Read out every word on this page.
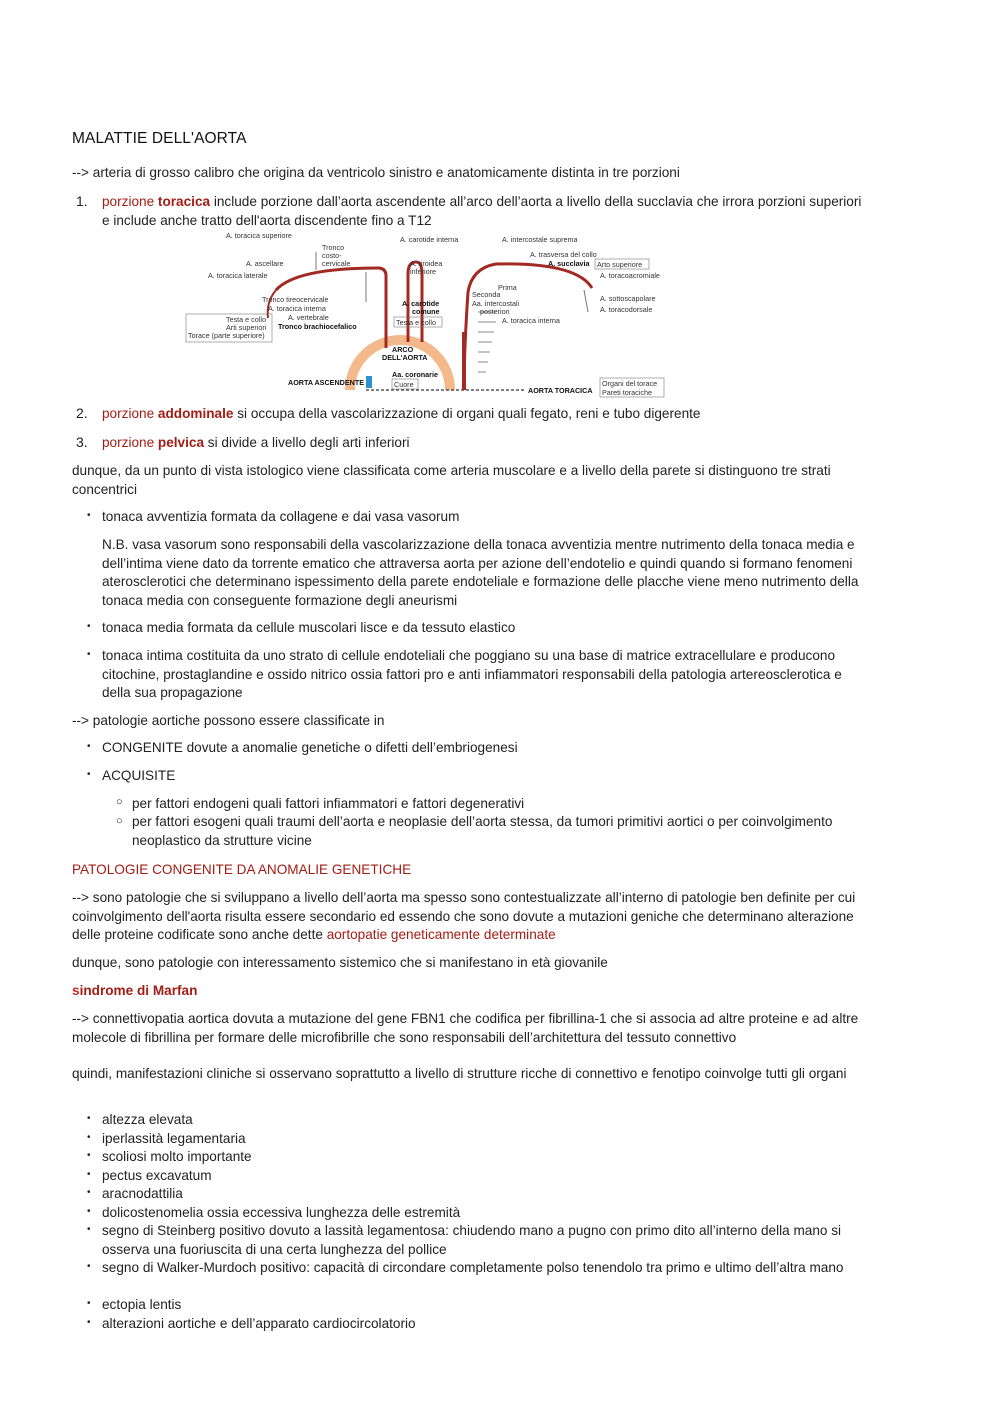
MALATTIE DELL'AORTA
--> arteria di grosso calibro che origina da ventricolo sinistro e anatomicamente distinta in tre porzioni
1. porzione toracica include porzione dall’aorta ascendente all’arco dell’aorta a livello della succlavia che irrora porzioni superiori e include anche tratto dell'aorta discendente fino a T12
A. toracica superiore
Tronco
costo-
cervicale
A. carotide interna	A. intercostale suprema
A. ascellare	A. tiroidea
inferiore
A. trasversa del collo
A. toracica laterale
A. succlavia Arto superiore
A. toracoacromiale
Prima
Seconda
Tronco tireocervicale	Aa. intercostali
posteriori
A. sottoscapolare
A. toracica interna
A. carotide
comune	A. toracodorsale
A. vertebrale	A. toracica interna
Testa e collo
Testa e collo
Arti superiori
Torace (parte superiore)
Tronco brachiocefalico
ARCO
DELL'AORTA
Aa. coronarie
AORTA ASCENDENTE	Cuore
AORTA TORACICA
Organi del torace
Pareti toraciche
2. porzione addominale si occupa della vascolarizzazione di organi quali fegato, reni e tubo digerente
3. porzione pelvica si divide a livello degli arti inferiori
dunque, da un punto di vista istologico viene classificata come arteria muscolare e a livello della parete si distinguono tre strati concentrici
• tonaca avventizia formata da collagene e dai vasa vasorum
N.B. vasa vasorum sono responsabili della vascolarizzazione della tonaca avventizia mentre nutrimento della tonaca media e dell’intima viene dato da torrente ematico che attraversa aorta per azione dell’endotelio e quindi quando si formano fenomeni aterosclerotici che determinano ispessimento della parete endoteliale e formazione delle placche viene meno nutrimento della tonaca media con conseguente formazione degli aneurismi
• tonaca media formata da cellule muscolari lisce e da tessuto elastico
• tonaca intima costituita da uno strato di cellule endoteliali che poggiano su una base di matrice extracellulare e producono citochine, prostaglandine e ossido nitrico ossia fattori pro e anti infiammatori responsabili della patologia artereosclerotica e della sua propagazione
--> patologie aortiche possono essere classificate in
• CONGENITE dovute a anomalie genetiche o difetti dell’embriogenesi
• ACQUISITE
○ per fattori endogeni quali fattori infiammatori e fattori degenerativi
○ per fattori esogeni quali traumi dell’aorta e neoplasie dell’aorta stessa, da tumori primitivi aortici o per coinvolgimento neoplastico da strutture vicine
PATOLOGIE CONGENITE DA ANOMALIE GENETICHE
--> sono patologie che si sviluppano a livello dell’aorta ma spesso sono contestualizzate all’interno di patologie ben definite per cui coinvolgimento dell'aorta risulta essere secondario ed essendo che sono dovute a mutazioni geniche che determinano alterazione delle proteine codificate sono anche dette aortopatie geneticamente determinate
dunque, sono patologie con interessamento sistemico che si manifestano in età giovanile
sindrome di Marfan
--> connettivopatia aortica dovuta a mutazione del gene FBN1 che codifica per fibrillina-1 che si associa ad altre proteine e ad altre molecole di fibrillina per formare delle microfibrille che sono responsabili dell’architettura del tessuto connettivo
quindi, manifestazioni cliniche si osservano soprattutto a livello di strutture ricche di connettivo e fenotipo coinvolge tutti gli organi
• altezza elevata
• iperlassità legamentaria
• scoliosi molto importante
• pectus excavatum
• aracnodattilia
• dolicostenomelia ossia eccessiva lunghezza delle estremità
• segno di Steinberg positivo dovuto a lassità legamentosa: chiudendo mano a pugno con primo dito all’interno della mano si osserva una fuoriuscita di una certa lunghezza del pollice
• segno di Walker-Murdoch positivo: capacità di circondare completamente polso tenendolo tra primo e ultimo dell’altra mano
• ectopia lentis
• alterazioni aortiche e dell’apparato cardiocircolatorio
